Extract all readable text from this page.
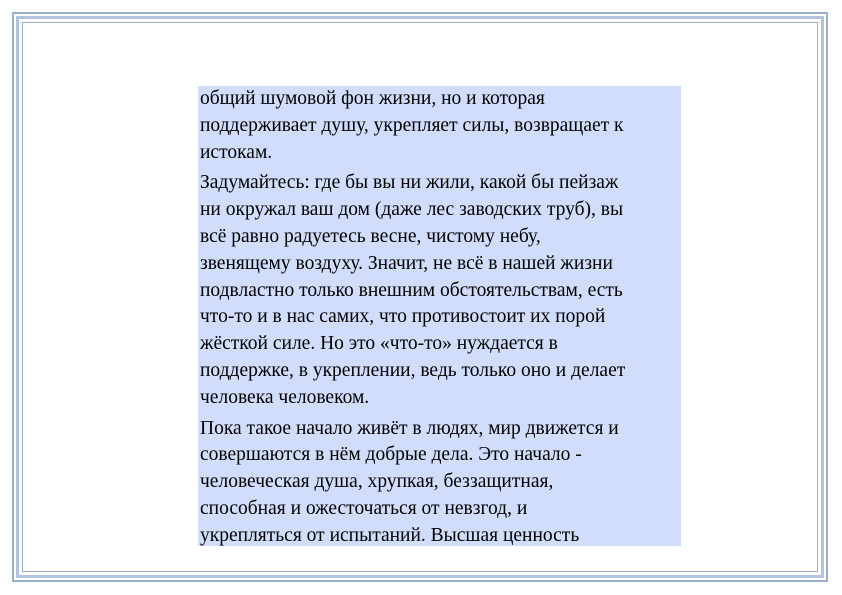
общий шумовой фон жизни, но и которая
поддерживает душу, укрепляет силы, возвращает к
истокам.

Задумайтесь: где бы вы ни жили, какой бы пейзаж
ни окружал ваш дом (даже лес заводских труб), вы
всё равно радуетесь весне, чистому небу,
звенящему воздуху. Значит, не всё в нашей жизни
подвластно только внешним обстоятельствам, есть
что-то и в нас самих, что противостоит их порой
жёсткой силе. Но это «что-то» нуждается в
поддержке, в укреплении, ведь только оно и делает
человека человеком.

Пока такое начало живёт в людях, мир движется и
совершаются в нём добрые дела. Это начало -
человеческая душа, хрупкая, беззащитная,
способная и ожесточаться от невзгод, и
укрепляться от испытаний. Высшая ценность
